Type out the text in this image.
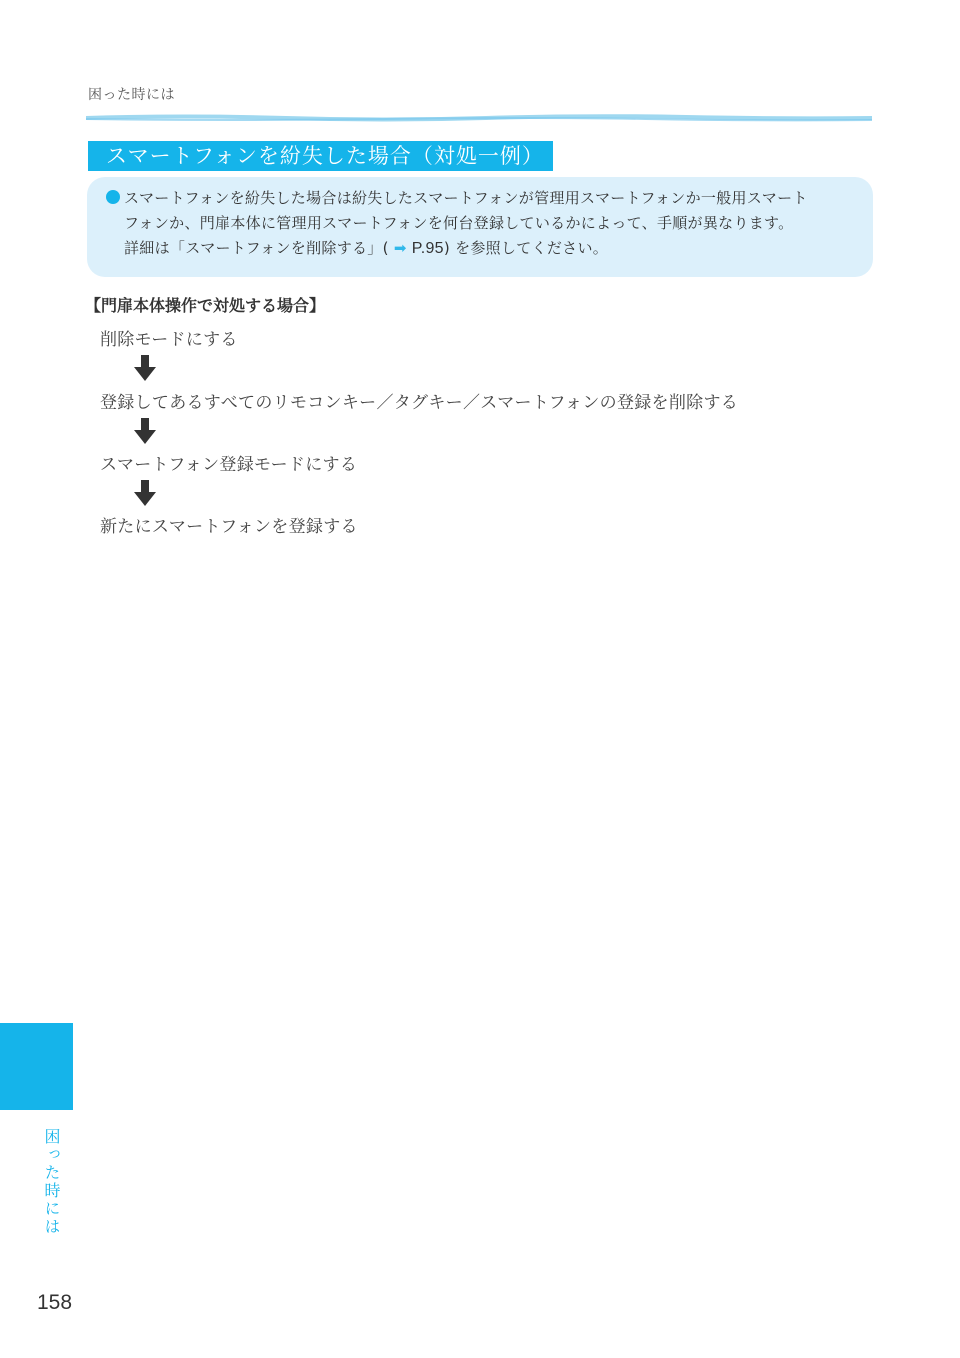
困った時には
スマートフォンを紛失した場合（対処一例）
スマートフォンを紛失した場合は紛失したスマートフォンが管理用スマートフォンか一般用スマート
フォンか、門扉本体に管理用スマートフォンを何台登録しているかによって、手順が異なります。
詳細は「スマートフォンを削除する」( ➡ P.95) を参照してください。
【門扉本体操作で対処する場合】
削除モードにする
登録してあるすべてのリモコンキー／タグキー／スマートフォンの登録を削除する
スマートフォン登録モードにする
新たにスマートフォンを登録する
困った時には
158
